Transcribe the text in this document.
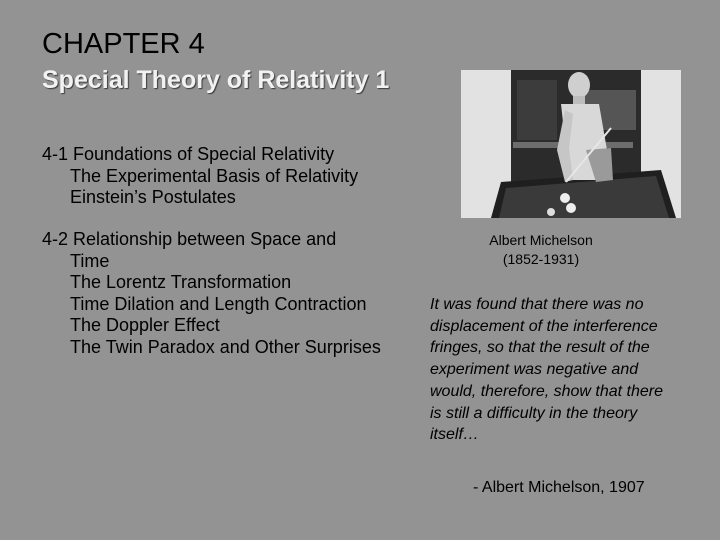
CHAPTER 4
Special Theory of Relativity 1
4-1 Foundations of Special Relativity
The Experimental Basis of Relativity
Einstein’s Postulates
4-2 Relationship between Space and
Time
The Lorentz Transformation
Time Dilation and Length Contraction
The Doppler Effect
The Twin Paradox and Other Surprises
Albert Michelson
(1852-1931)
It was found that there was no displacement of the interference fringes, so that the result of the experiment was negative and would, therefore, show that there is still a difficulty in the theory itself…
- Albert Michelson, 1907
